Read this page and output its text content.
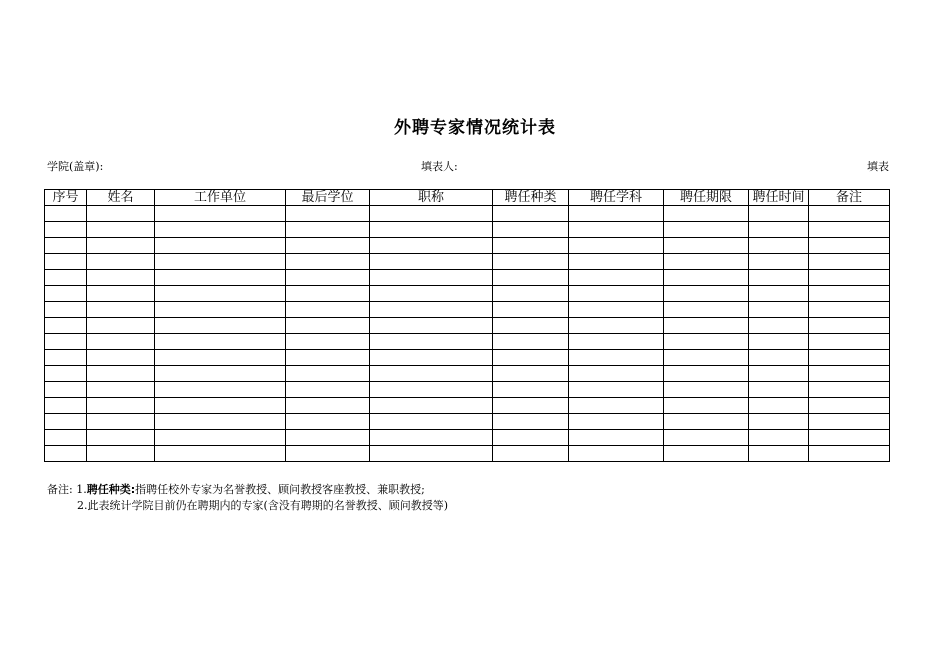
外聘专家情况统计表
学院(盖章):	填表人:	填表
序号	姓名	工作单位	最后学位	职称	聘任种类	聘任学科	聘任期限	聘任时间	备注

备注: 1.聘任种类:指聘任校外专家为名誉教授、顾问教授客座教授、兼职教授;
2.此表统计学院目前仍在聘期内的专家(含没有聘期的名誉教授、顾问教授等)
